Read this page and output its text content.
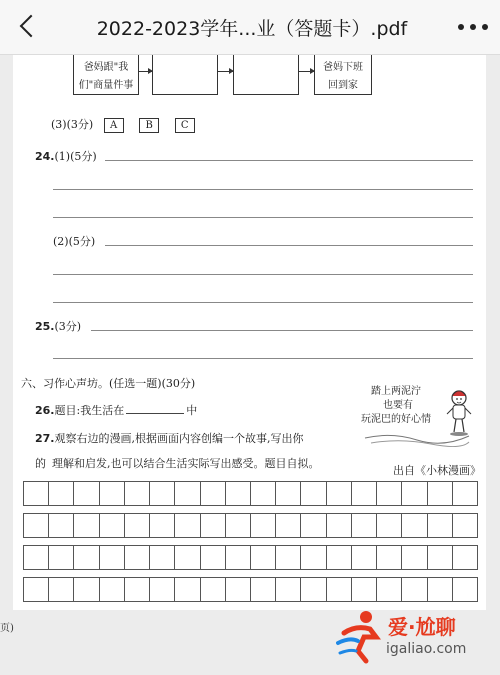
2022-2023学年...业（答题卡）.pdf
爸妈跟"我
们"商量件事
爸妈下班
回到家
(3)(3分) A	B	C
24.(1)(5分)
(2)(5分)
25.(3分)
六、习作心声坊。(任选一题)(30分)
26.题目:我生活在	中
27.观察右边的漫画,根据画面内容创编一个故事,写出你
的 理解和启发,也可以结合生活实际写出感受。题目自拟。
踏上两泥泞
也要有
玩泥巴的好心情
出自《小林漫画》
页)	爱·尬聊
igaliao.com
